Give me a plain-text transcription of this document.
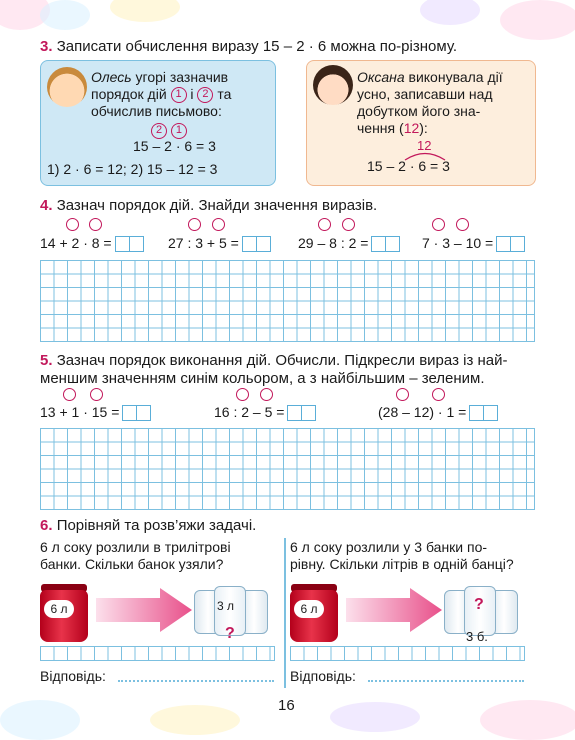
3. Записати обчислення виразу 15 – 2 · 6 можна по-різному.
Олесь угорі зазначив
порядок дій 1 і 2 та
обчислив письмово:
2 1
15 – 2 · 6 = 3
1) 2 · 6 = 12; 2) 15 – 12 = 3
Оксана виконувала дії
усно, записавши над
добутком його зна-
чення (12):
12
15 – 2 · 6 = 3
4. Зазнач порядок дій. Знайди значення виразів.
14 + 2 · 8 =	27 : 3 + 5 =	29 – 8 : 2 =	7 · 3 – 10 =
5. Зазнач порядок виконання дій. Обчисли. Підкресли вираз із най-
меншим значенням синім кольором, а з найбільшим – зеленим.
13 + 1 · 15 =	16 : 2 – 5 =	(28 – 12) · 1 =
6. Порівняй та розв’яжи задачі.
6 л соку розлили в трилітрові
банки. Скільки банок узяли?
6 л	3 л
?
Відповідь:
6 л соку розлили у 3 банки по-
рівну. Скільки літрів в одній банці?
6 л	?
3 б.
Відповідь:
16
